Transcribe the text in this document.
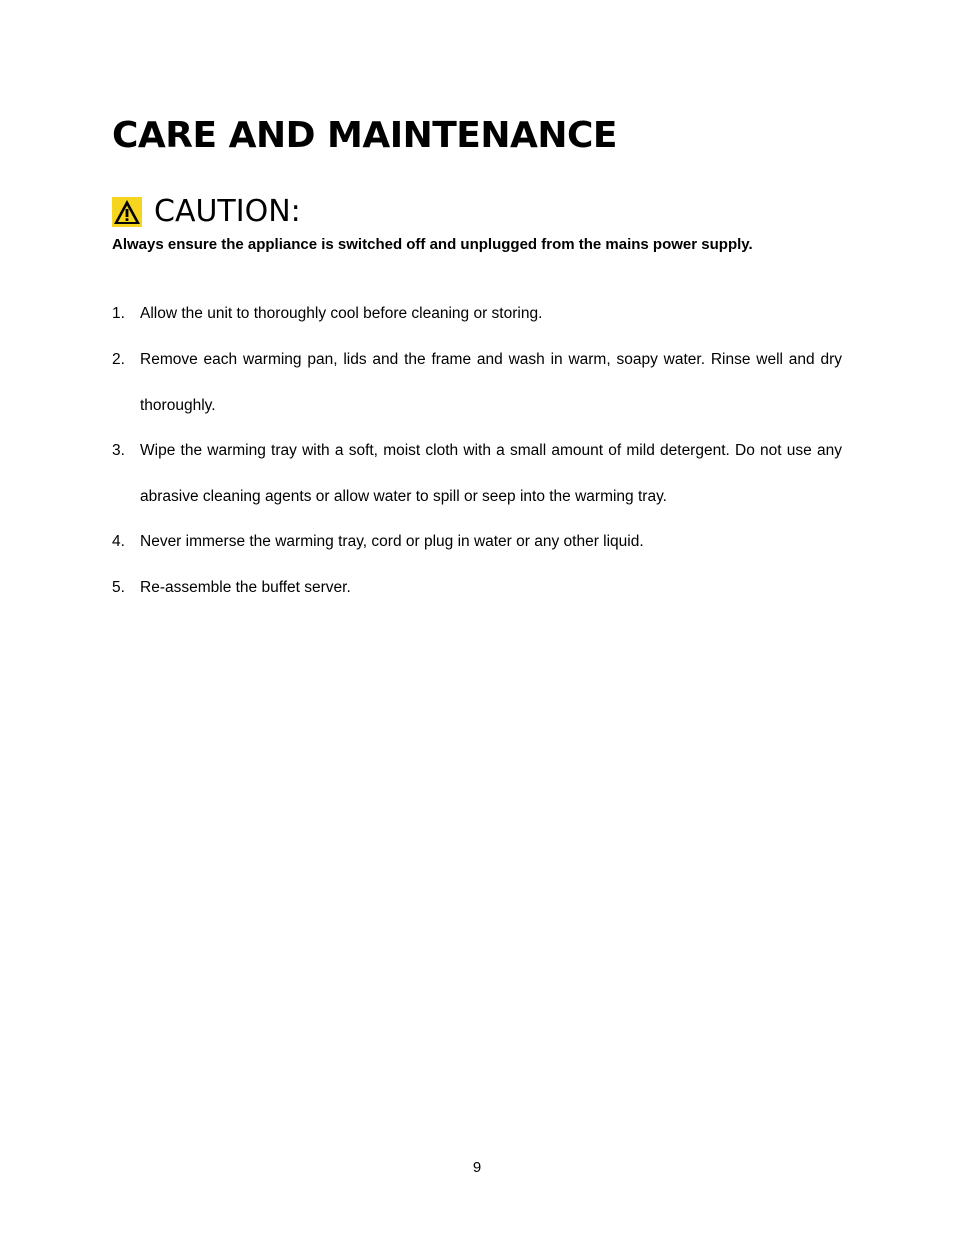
CARE AND MAINTENANCE
CAUTION:

Always ensure the appliance is switched off and unplugged from the mains power supply.

1. Allow the unit to thoroughly cool before cleaning or storing.
2. Remove each warming pan, lids and the frame and wash in warm, soapy water. Rinse well and dry thoroughly.
3. Wipe the warming tray with a soft, moist cloth with a small amount of mild detergent. Do not use any abrasive cleaning agents or allow water to spill or seep into the warming tray.
4. Never immerse the warming tray, cord or plug in water or any other liquid.
5. Re-assemble the buffet server.
9
